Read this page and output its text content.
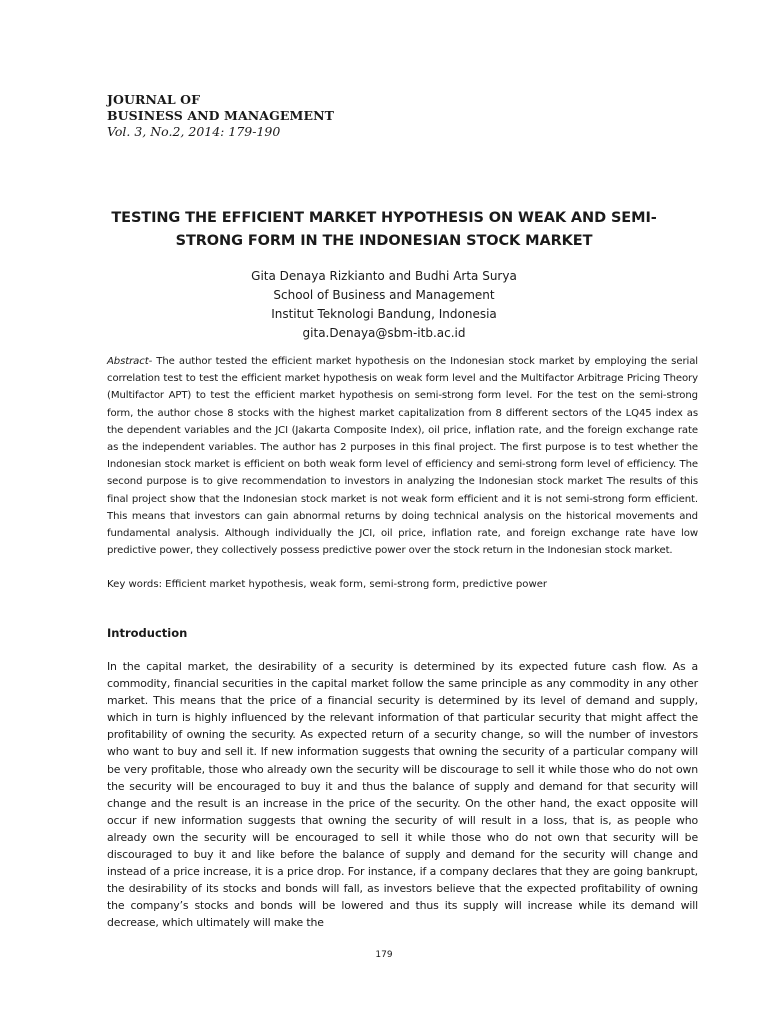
JOURNAL OF
BUSINESS AND MANAGEMENT
Vol. 3, No.2, 2014: 179-190
TESTING THE EFFICIENT MARKET HYPOTHESIS ON WEAK AND SEMI-STRONG FORM IN THE INDONESIAN STOCK MARKET
Gita Denaya Rizkianto and Budhi Arta Surya
School of Business and Management
Institut Teknologi Bandung, Indonesia
gita.Denaya@sbm-itb.ac.id
Abstract- The author tested the efficient market hypothesis on the Indonesian stock market by employing the serial correlation test to test the efficient market hypothesis on weak form level and the Multifactor Arbitrage Pricing Theory (Multifactor APT) to test the efficient market hypothesis on semi-strong form level. For the test on the semi-strong form, the author chose 8 stocks with the highest market capitalization from 8 different sectors of the LQ45 index as the dependent variables and the JCI (Jakarta Composite Index), oil price, inflation rate, and the foreign exchange rate as the independent variables. The author has 2 purposes in this final project. The first purpose is to test whether the Indonesian stock market is efficient on both weak form level of efficiency and semi-strong form level of efficiency. The second purpose is to give recommendation to investors in analyzing the Indonesian stock market The results of this final project show that the Indonesian stock market is not weak form efficient and it is not semi-strong form efficient. This means that investors can gain abnormal returns by doing technical analysis on the historical movements and fundamental analysis. Although individually the JCI, oil price, inflation rate, and foreign exchange rate have low predictive power, they collectively possess predictive power over the stock return in the Indonesian stock market.
Key words: Efficient market hypothesis, weak form, semi-strong form, predictive power
Introduction
In the capital market, the desirability of a security is determined by its expected future cash flow. As a commodity, financial securities in the capital market follow the same principle as any commodity in any other market. This means that the price of a financial security is determined by its level of demand and supply, which in turn is highly influenced by the relevant information of that particular security that might affect the profitability of owning the security. As expected return of a security change, so will the number of investors who want to buy and sell it. If new information suggests that owning the security of a particular company will be very profitable, those who already own the security will be discourage to sell it while those who do not own the security will be encouraged to buy it and thus the balance of supply and demand for that security will change and the result is an increase in the price of the security. On the other hand, the exact opposite will occur if new information suggests that owning the security of will result in a loss, that is, as people who already own the security will be encouraged to sell it while those who do not own that security will be discouraged to buy it and like before the balance of supply and demand for the security will change and instead of a price increase, it is a price drop. For instance, if a company declares that they are going bankrupt, the desirability of its stocks and bonds will fall, as investors believe that the expected profitability of owning the company’s stocks and bonds will be lowered and thus its supply will increase while its demand will decrease, which ultimately will make the
179
